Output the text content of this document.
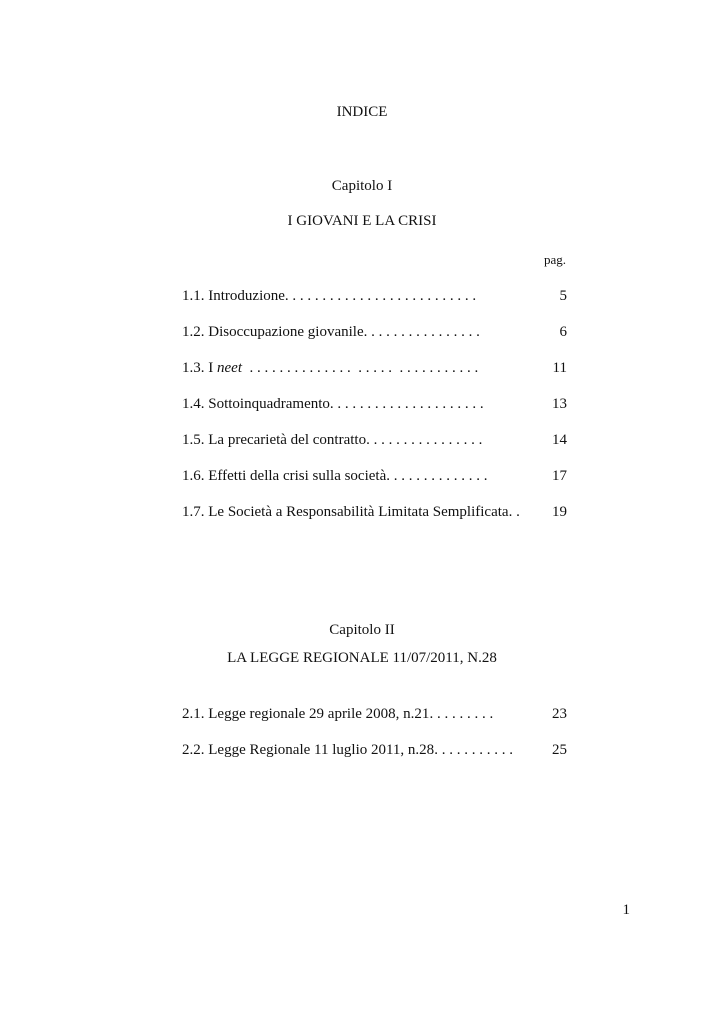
INDICE
Capitolo I
I GIOVANI E LA CRISI
pag.
1.1. Introduzione . . . . . . . . . . . . . . . . . . . . . . . . . .	5
1.2. Disoccupazione giovanile . . . . . . . . . . . . . . . .	6
1.3. I neet . . . . . . . . . . . . . .  . . . . .  . . . . . . . . . . .	11
1.4. Sottoinquadramento . . . . . . . . . . . . . . . . . . . . .	13
1.5. La precarietà del contratto . . . . . . . . . . . . . . . .	14
1.6. Effetti della crisi sulla società . . . . . . . . . . . . . .	17
1.7. Le Società a Responsabilità Limitata Semplificata . .	19
Capitolo II
LA LEGGE REGIONALE 11/07/2011, N.28
2.1. Legge regionale 29 aprile 2008, n.21 . . . . . . . . .	23
2.2. Legge Regionale 11 luglio 2011, n.28 . . . . . . . . . . .	25
1
